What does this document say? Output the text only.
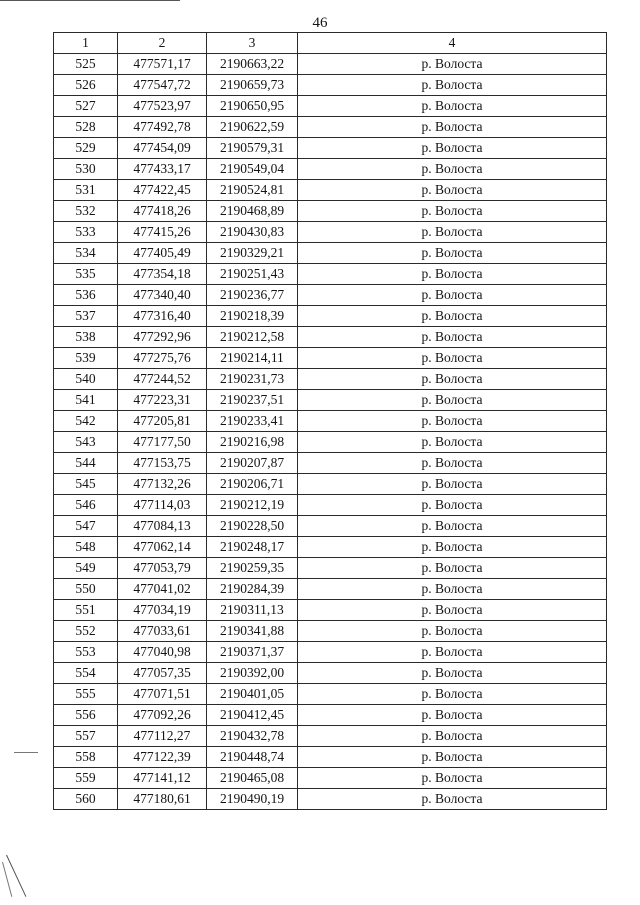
46
1	2	3	4
525	477571,17	2190663,22	р. Волоста
526	477547,72	2190659,73	р. Волоста
527	477523,97	2190650,95	р. Волоста
528	477492,78	2190622,59	р. Волоста
529	477454,09	2190579,31	р. Волоста
530	477433,17	2190549,04	р. Волоста
531	477422,45	2190524,81	р. Волоста
532	477418,26	2190468,89	р. Волоста
533	477415,26	2190430,83	р. Волоста
534	477405,49	2190329,21	р. Волоста
535	477354,18	2190251,43	р. Волоста
536	477340,40	2190236,77	р. Волоста
537	477316,40	2190218,39	р. Волоста
538	477292,96	2190212,58	р. Волоста
539	477275,76	2190214,11	р. Волоста
540	477244,52	2190231,73	р. Волоста
541	477223,31	2190237,51	р. Волоста
542	477205,81	2190233,41	р. Волоста
543	477177,50	2190216,98	р. Волоста
544	477153,75	2190207,87	р. Волоста
545	477132,26	2190206,71	р. Волоста
546	477114,03	2190212,19	р. Волоста
547	477084,13	2190228,50	р. Волоста
548	477062,14	2190248,17	р. Волоста
549	477053,79	2190259,35	р. Волоста
550	477041,02	2190284,39	р. Волоста
551	477034,19	2190311,13	р. Волоста
552	477033,61	2190341,88	р. Волоста
553	477040,98	2190371,37	р. Волоста
554	477057,35	2190392,00	р. Волоста
555	477071,51	2190401,05	р. Волоста
556	477092,26	2190412,45	р. Волоста
557	477112,27	2190432,78	р. Волоста
558	477122,39	2190448,74	р. Волоста
559	477141,12	2190465,08	р. Волоста
560	477180,61	2190490,19	р. Волоста
